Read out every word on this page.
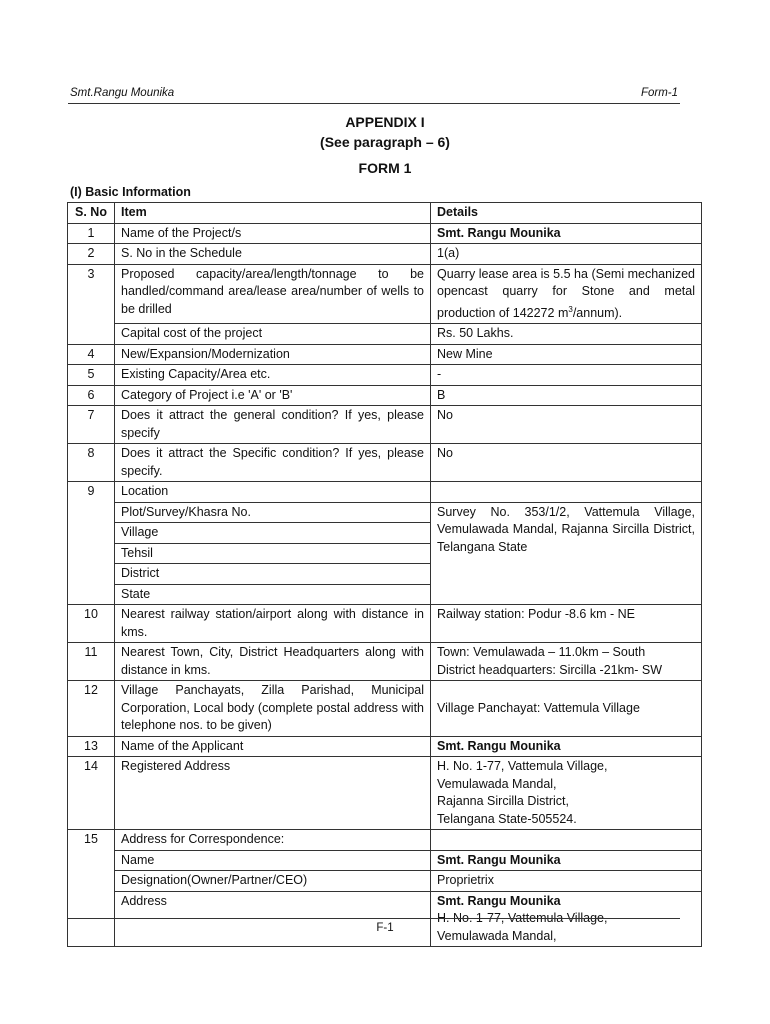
Smt.Rangu Mounika	Form-1
APPENDIX I
(See paragraph – 6)
FORM 1
(I) Basic Information
S. No	Item	Details
1	Name of the Project/s	Smt. Rangu Mounika
2	S. No in the Schedule	1(a)
3	Proposed capacity/area/length/tonnage to be handled/command area/lease area/number of wells to be drilled	Quarry lease area is 5.5 ha (Semi mechanized opencast quarry for Stone and metal production of 142272 $m^3/annum$).
	Capital cost of the project	Rs. 50 Lakhs.
4	New/Expansion/Modernization	New Mine
5	Existing Capacity/Area etc.	-
6	Category of Project i.e 'A' or 'B'	B
7	Does it attract the general condition? If yes, please specify	No
8	Does it attract the Specific condition? If yes, please specify.	No
9	Location	
	Plot/Survey/Khasra No.	Survey No. 353/1/2, Vattemula Village, Vemulawada Mandal, Rajanna Sircilla District, Telangana State
	Village	
	Tehsil	
	District	
	State	
10	Nearest railway station/airport along with distance in kms.	Railway station: Podur -8.6 km - NE
11	Nearest Town, City, District Headquarters along with distance in kms.	Town: Vemulawada – 11.0km – South
District headquarters: Sircilla -21km- SW

12	Village Panchayats, Zilla Parishad, Municipal Corporation, Local body (complete postal address with telephone nos. to be given)	Village Panchayat: Vattemula Village
13	Name of the Applicant	Smt. Rangu Mounika
14	Registered Address	H. No. 1-77, Vattemula Village,
Vemulawada Mandal,
Rajanna Sircilla District,
Telangana State-505524.

15	Address for Correspondence:	
	Name	Smt. Rangu Mounika
	Designation(Owner/Partner/CEO)	Proprietrix
	Address	Smt. Rangu Mounika
H. No. 1-77, Vattemula Village,
Vemulawada Mandal,
F-1
